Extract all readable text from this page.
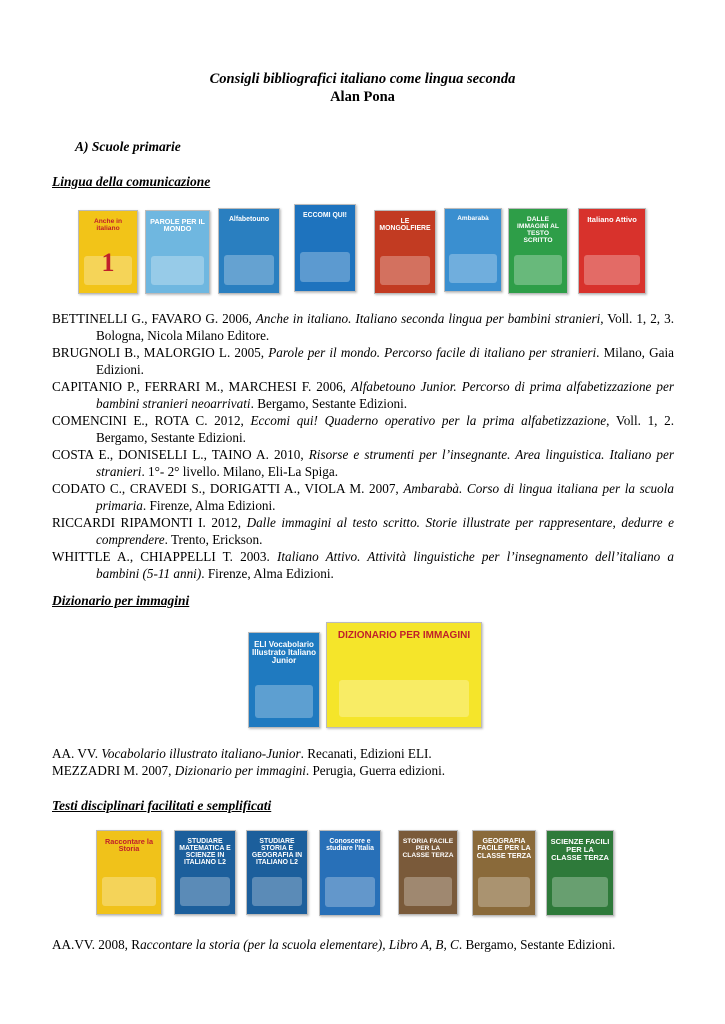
Consigli bibliografici italiano come lingua seconda
Alan Pona
A) Scuole primarie
Lingua della comunicazione
Anche in italiano
1
PAROLE PER IL MONDO
Alfabetouno
ECCOMI QUI!
LE MONGOLFIERE
Ambarabà	DALLE IMMAGINI AL TESTO SCRITTO
Italiano Attivo
BETTINELLI G., FAVARO G. 2006, Anche in italiano. Italiano seconda lingua per bambini stranieri, Voll. 1, 2, 3. Bologna, Nicola Milano Editore.
BRUGNOLI B., MALORGIO L. 2005, Parole per il mondo. Percorso facile di italiano per stranieri. Milano, Gaia Edizioni.
CAPITANIO P., FERRARI M., MARCHESI F. 2006, Alfabetouno Junior. Percorso di prima alfabetizzazione per bambini stranieri neoarrivati. Bergamo, Sestante Edizioni.
COMENCINI E., ROTA C. 2012, Eccomi qui! Quaderno operativo per la prima alfabetizzazione, Voll. 1, 2. Bergamo, Sestante Edizioni.
COSTA E., DONISELLI L., TAINO A. 2010, Risorse e strumenti per l’insegnante. Area linguistica. Italiano per stranieri. 1°- 2° livello. Milano, Eli-La Spiga.
CODATO C., CRAVEDI S., DORIGATTI A., VIOLA M. 2007, Ambarabà. Corso di lingua italiana per la scuola primaria. Firenze, Alma Edizioni.
RICCARDI RIPAMONTI I. 2012, Dalle immagini al testo scritto. Storie illustrate per rappresentare, dedurre e comprendere. Trento, Erickson.
WHITTLE A., CHIAPPELLI T. 2003. Italiano Attivo. Attività linguistiche per l’insegnamento dell’italiano a bambini (5-11 anni). Firenze, Alma Edizioni.
Dizionario per immagini
ELI Vocabolario Illustrato Italiano Junior
DIZIONARIO PER IMMAGINI
AA. VV. Vocabolario illustrato italiano-Junior. Recanati, Edizioni ELI.
MEZZADRI M. 2007, Dizionario per immagini. Perugia, Guerra edizioni.
Testi disciplinari facilitati e semplificati
Raccontare la Storia
STUDIARE MATEMATICA E SCIENZE IN ITALIANO L2
STUDIARE STORIA E GEOGRAFIA IN ITALIANO L2
Conoscere e studiare l'Italia
STORIA FACILE PER LA CLASSE TERZA
GEOGRAFIA FACILE PER LA CLASSE TERZA
SCIENZE FACILI PER LA CLASSE TERZA
AA.VV. 2008, Raccontare la storia (per la scuola elementare), Libro A, B, C. Bergamo, Sestante Edizioni.
